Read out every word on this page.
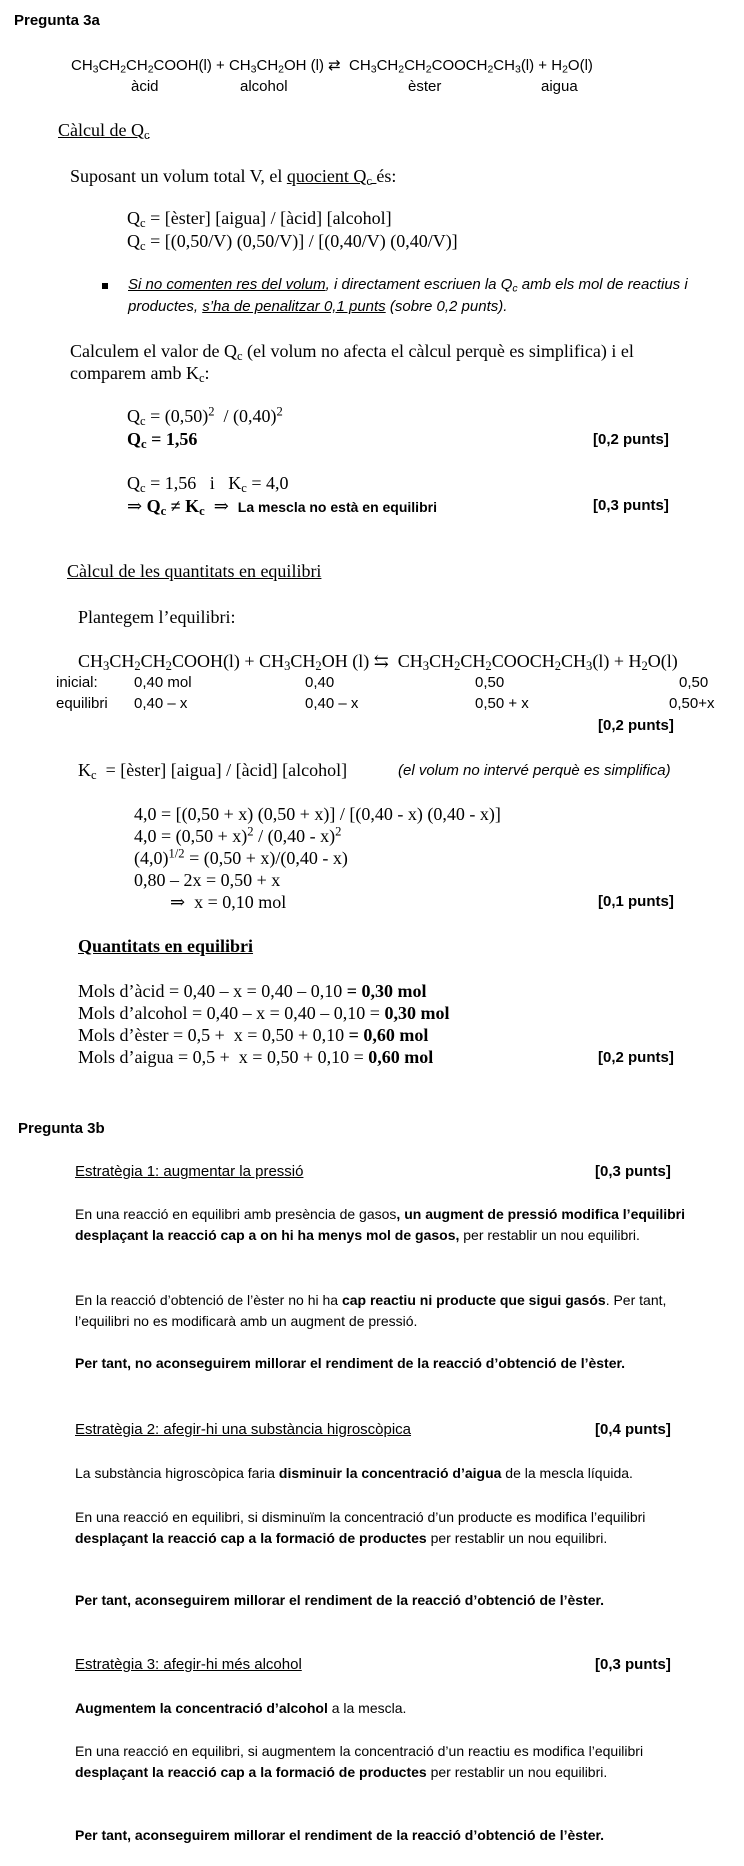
Pregunta 3a
$CH_3CH_2CH_2COOH(l) + CH_3CH_2OH$ (l) ⇄  $CH_3CH_2CH_2COOCH_2CH_3(l) + H_2O(l)$
àcid	alcohol	èster	aigua
Càlcul de $Q_c$
Suposant un volum total V, el quocient $Q_c$ és:
$Q_c$ = [èster] [aigua] / [àcid] [alcohol]
$Q_c = [(0,50/V)$ (0,50/V)] / [(0,40/V) (0,40/V)]
Si no comenten res del volum, i directament escriuen la $Q_c$ amb els mol de reactius i productes, s’ha de penalitzar 0,1 punts (sobre 0,2 punts).
Calculem el valor de $Q_c$ (el volum no afecta el càlcul perquè es simplifica) i el comparem amb $K_c$:
$Q_c = (0,50)^2 / (0,40)^2$
$Q_c = 1,56$	[0,2 punts]
$Q_c = 1,56$   i   $K_c = 4,0$
⇒ $Q_c \ne K_c$  ⇒  La mescla no està en equilibri	[0,3 punts]
Càlcul de les quantitats en equilibri
Plantegem l’equilibri:
$CH_3CH_2CH_2COOH(l) + CH_3CH_2OH$ (l) ⇆  $CH_3CH_2CH_2COOCH_2CH_3(l) + H_2O(l)$
inicial: 0,40 mol	0,40	0,50	0,50
equilibri 0,40 – x	0,40 – x	0,50 + x	0,50+x
[0,2 punts]
$K_c$  = [èster] [aigua] / [àcid] [alcohol]	(el volum no intervé perquè es simplifica)
4,0 = [(0,50 + x) (0,50 + x)] / [(0,40 - x) (0,40 - x)]
$4,0 = (0,50 + x)^2 / (0,40 - x)^2$
$(4,0)^{1/2} = (0,50 + x)/(0,40 - x)$
0,80 – 2x = 0,50 + x
⇒  x = 0,10 mol	[0,1 punts]
Quantitats en equilibri
Mols d’àcid = 0,40 – x = 0,40 – 0,10 = 0,30 mol
Mols d’alcohol = 0,40 – x = 0,40 – 0,10 = 0,30 mol
Mols d’èster = 0,5 +  x = 0,50 + 0,10 = 0,60 mol
Mols d’aigua = 0,5 +  x = 0,50 + 0,10 = 0,60 mol	[0,2 punts]
Pregunta 3b
Estratègia 1: augmentar la pressió	[0,3 punts]
En una reacció en equilibri amb presència de gasos, un augment de pressió modifica l’equilibri desplaçant la reacció cap a on hi ha menys mol de gasos, per restablir un nou equilibri.
En la reacció d’obtenció de l’èster no hi ha cap reactiu ni producte que sigui gasós. Per tant, l’equilibri no es modificarà amb un augment de pressió.
Per tant, no aconseguirem millorar el rendiment de la reacció d’obtenció de l’èster.
Estratègia 2: afegir-hi una substància higroscòpica	[0,4 punts]
La substància higroscòpica faria disminuir la concentració d’aigua de la mescla líquida.
En una reacció en equilibri, si disminuïm la concentració d’un producte es modifica l’equilibri desplaçant la reacció cap a la formació de productes per restablir un nou equilibri.
Per tant, aconseguirem millorar el rendiment de la reacció d’obtenció de l’èster.
Estratègia 3: afegir-hi més alcohol	[0,3 punts]
Augmentem la concentració d’alcohol a la mescla.
En una reacció en equilibri, si augmentem la concentració d’un reactiu es modifica l’equilibri desplaçant la reacció cap a la formació de productes per restablir un nou equilibri.
Per tant, aconseguirem millorar el rendiment de la reacció d’obtenció de l’èster.
